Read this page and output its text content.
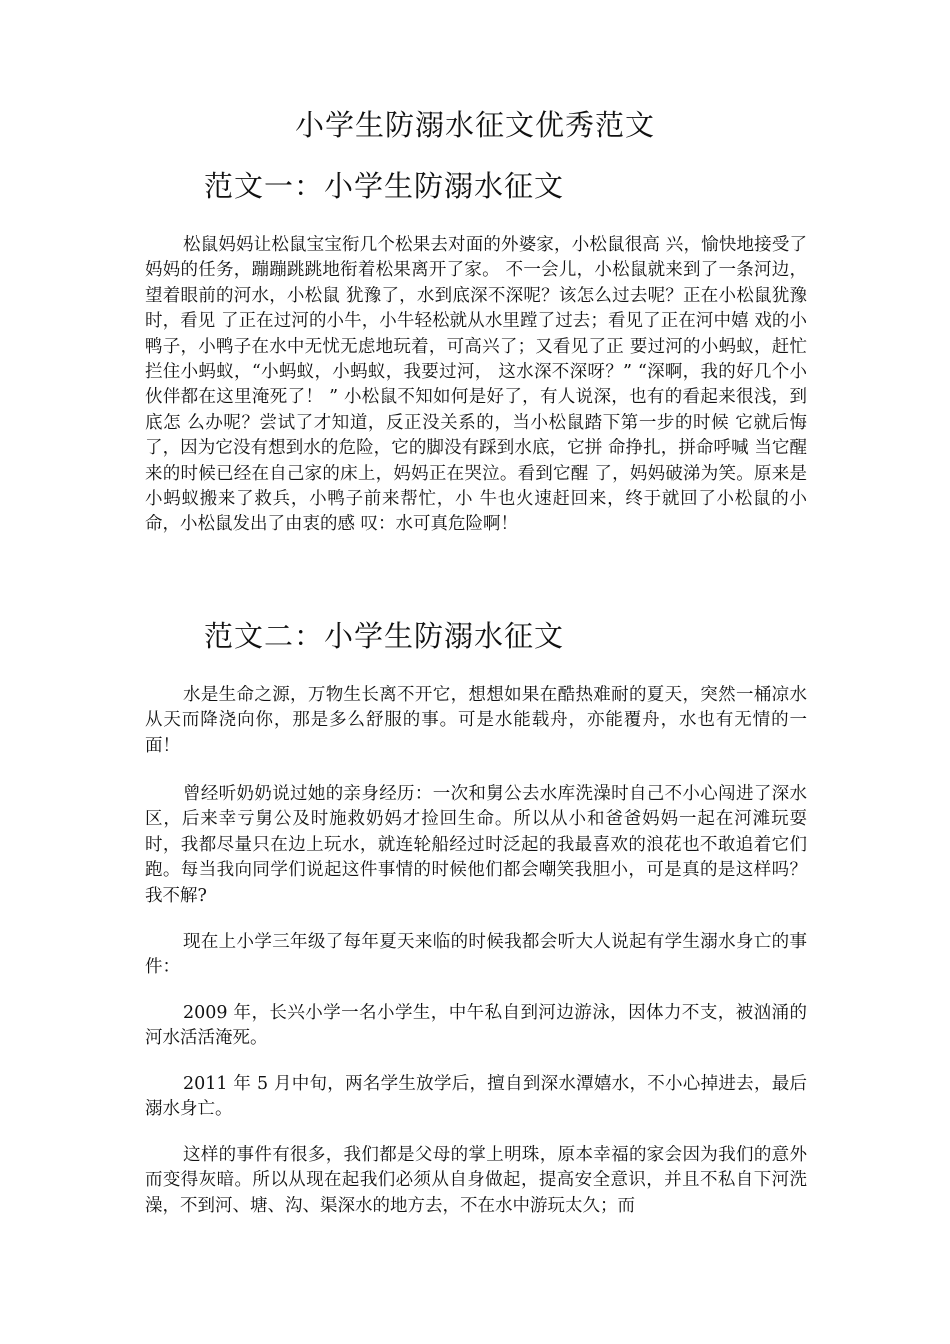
小学生防溺水征文优秀范文
范文一：小学生防溺水征文

松鼠妈妈让松鼠宝宝衔几个松果去对面的外婆家，小松鼠很高 兴，愉快地接受了妈妈的任务，蹦蹦跳跳地衔着松果离开了家。 不一会儿，小松鼠就来到了一条河边，望着眼前的河水，小松鼠 犹豫了，水到底深不深呢？该怎么过去呢？正在小松鼠犹豫时，看见 了正在过河的小牛，小牛轻松就从水里蹚了过去；看见了正在河中嬉 戏的小鸭子，小鸭子在水中无忧无虑地玩着，可高兴了；又看见了正 要过河的小蚂蚁，赶忙拦住小蚂蚁，“小蚂蚁，小蚂蚁，我要过河， 这水深不深呀？” “深啊，我的好几个小伙伴都在这里淹死了！ ” 小松鼠不知如何是好了，有人说深，也有的看起来很浅，到底怎 么办呢？尝试了才知道，反正没关系的，当小松鼠踏下第一步的时候 它就后悔了，因为它没有想到水的危险，它的脚没有踩到水底，它拼 命挣扎，拼命呼喊 当它醒来的时候已经在自己家的床上，妈妈正在哭泣。看到它醒 了，妈妈破涕为笑。原来是小蚂蚁搬来了救兵，小鸭子前来帮忙，小 牛也火速赶回来，终于就回了小松鼠的小命，小松鼠发出了由衷的感 叹：水可真危险啊！

范文二：小学生防溺水征文

水是生命之源，万物生长离不开它，想想如果在酷热难耐的夏天，突然一桶凉水从天而降浇向你，那是多么舒服的事。可是水能载舟，亦能覆舟，水也有无情的一面！

曾经听奶奶说过她的亲身经历：一次和舅公去水库洗澡时自己不小心闯进了深水区，后来幸亏舅公及时施救奶妈才捡回生命。所以从小和爸爸妈妈一起在河滩玩耍时，我都尽量只在边上玩水，就连轮船经过时泛起的我最喜欢的浪花也不敢追着它们跑。每当我向同学们说起这件事情的时候他们都会嘲笑我胆小，可是真的是这样吗？我不解?

现在上小学三年级了每年夏天来临的时候我都会听大人说起有学生溺水身亡的事件：

2009 年，长兴小学一名小学生，中午私自到河边游泳，因体力不支，被汹涌的河水活活淹死。

2011 年 5 月中旬，两名学生放学后，擅自到深水潭嬉水，不小心掉进去，最后溺水身亡。

这样的事件有很多，我们都是父母的掌上明珠，原本幸福的家会因为我们的意外而变得灰暗。所以从现在起我们必须从自身做起，提高安全意识，并且不私自下河洗澡，不到河、塘、沟、渠深水的地方去，不在水中游玩太久；而
